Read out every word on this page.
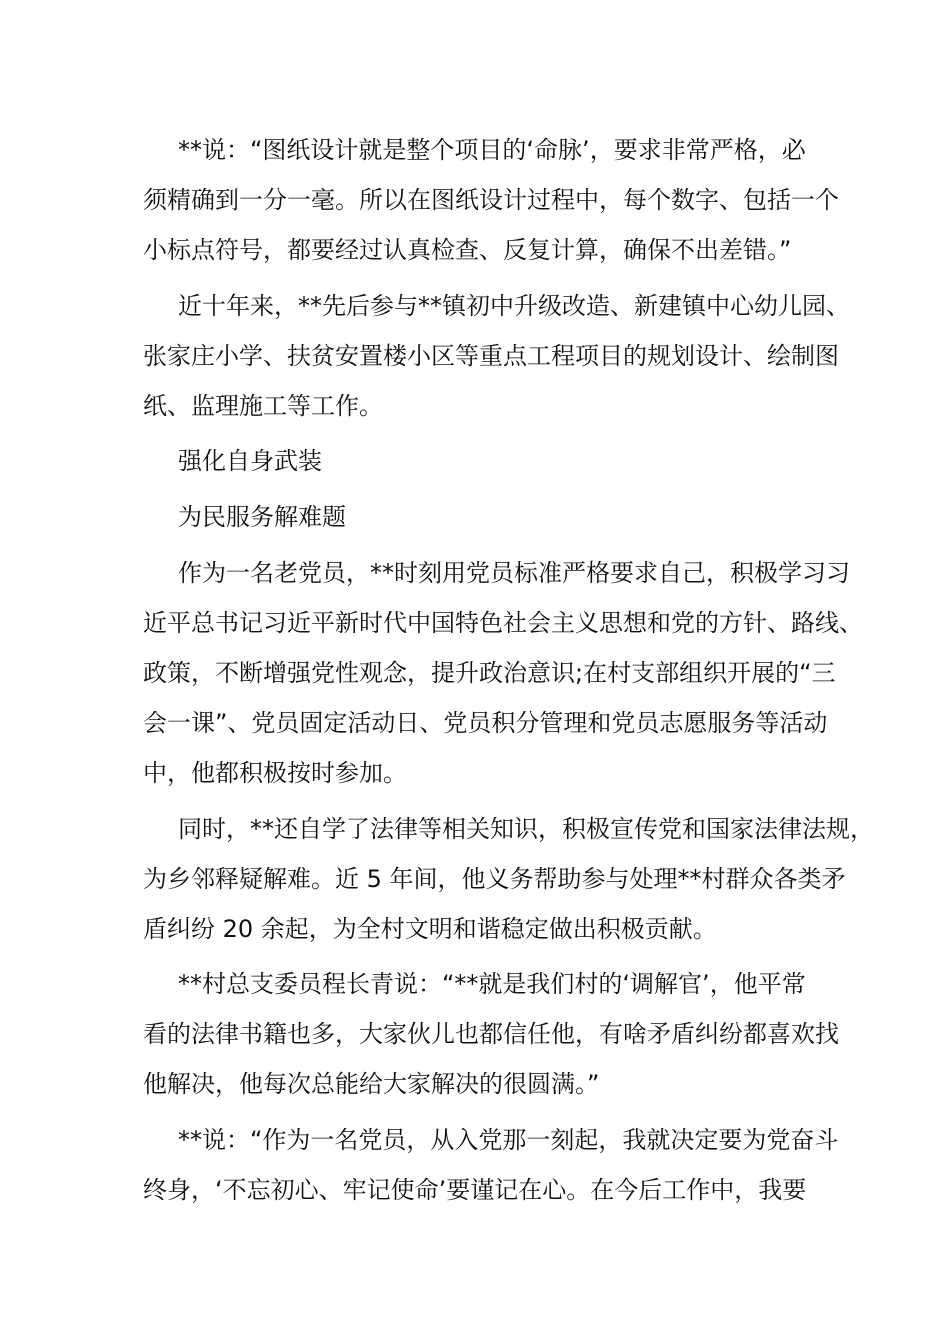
**说：“图纸设计就是整个项目的‘命脉’，要求非常严格，必
须精确到一分一毫。所以在图纸设计过程中，每个数字、包括一个
小标点符号，都要经过认真检查、反复计算，确保不出差错。”
近十年来，**先后参与**镇初中升级改造、新建镇中心幼儿园、
张家庄小学、扶贫安置楼小区等重点工程项目的规划设计、绘制图
纸、监理施工等工作。
强化自身武装
为民服务解难题
作为一名老党员，**时刻用党员标准严格要求自己，积极学习习
近平总书记习近平新时代中国特色社会主义思想和党的方针、路线、
政策，不断增强党性观念，提升政治意识;在村支部组织开展的“三
会一课”、党员固定活动日、党员积分管理和党员志愿服务等活动
中，他都积极按时参加。
同时，**还自学了法律等相关知识，积极宣传党和国家法律法规，
为乡邻释疑解难。近 5 年间，他义务帮助参与处理**村群众各类矛
盾纠纷 20 余起，为全村文明和谐稳定做出积极贡献。
**村总支委员程长青说：“**就是我们村的‘调解官’，他平常
看的法律书籍也多，大家伙儿也都信任他，有啥矛盾纠纷都喜欢找
他解决，他每次总能给大家解决的很圆满。”
**说：“作为一名党员，从入党那一刻起，我就决定要为党奋斗
终身，‘不忘初心、牢记使命’要谨记在心。在今后工作中，我要
